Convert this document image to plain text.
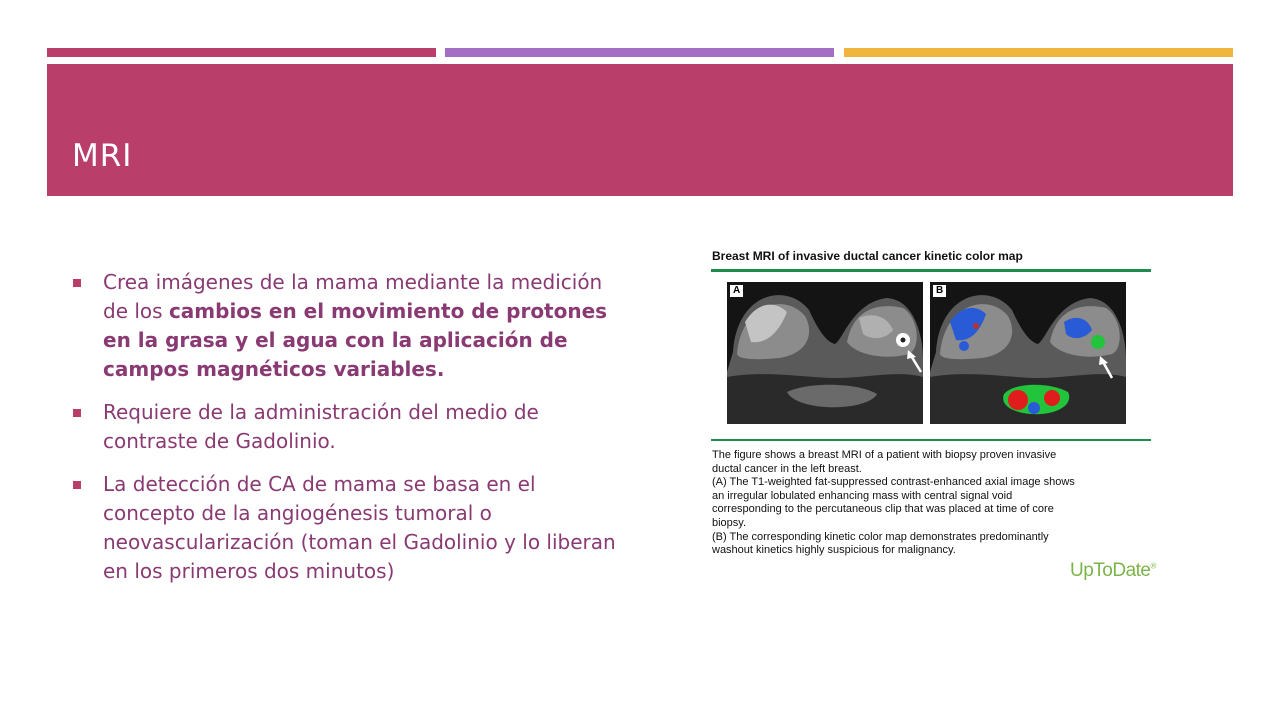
MRI
Crea imágenes de la mama mediante la medición de los cambios en el movimiento de protones en la grasa y el agua con la aplicación de campos magnéticos variables.
Requiere de la administración del medio de contraste de Gadolinio.
La detección de CA de mama se basa en el concepto de la angiogénesis tumoral o neovascularización (toman el Gadolinio y lo liberan en los primeros dos minutos)
Breast MRI of invasive ductal cancer kinetic color map
A	B
The figure shows a breast MRI of a patient with biopsy proven invasive
ductal cancer in the left breast.
(A) The T1-weighted fat-suppressed contrast-enhanced axial image shows
an irregular lobulated enhancing mass with central signal void
corresponding to the percutaneous clip that was placed at time of core
biopsy.
(B) The corresponding kinetic color map demonstrates predominantly
washout kinetics highly suspicious for malignancy.
UpToDate®
